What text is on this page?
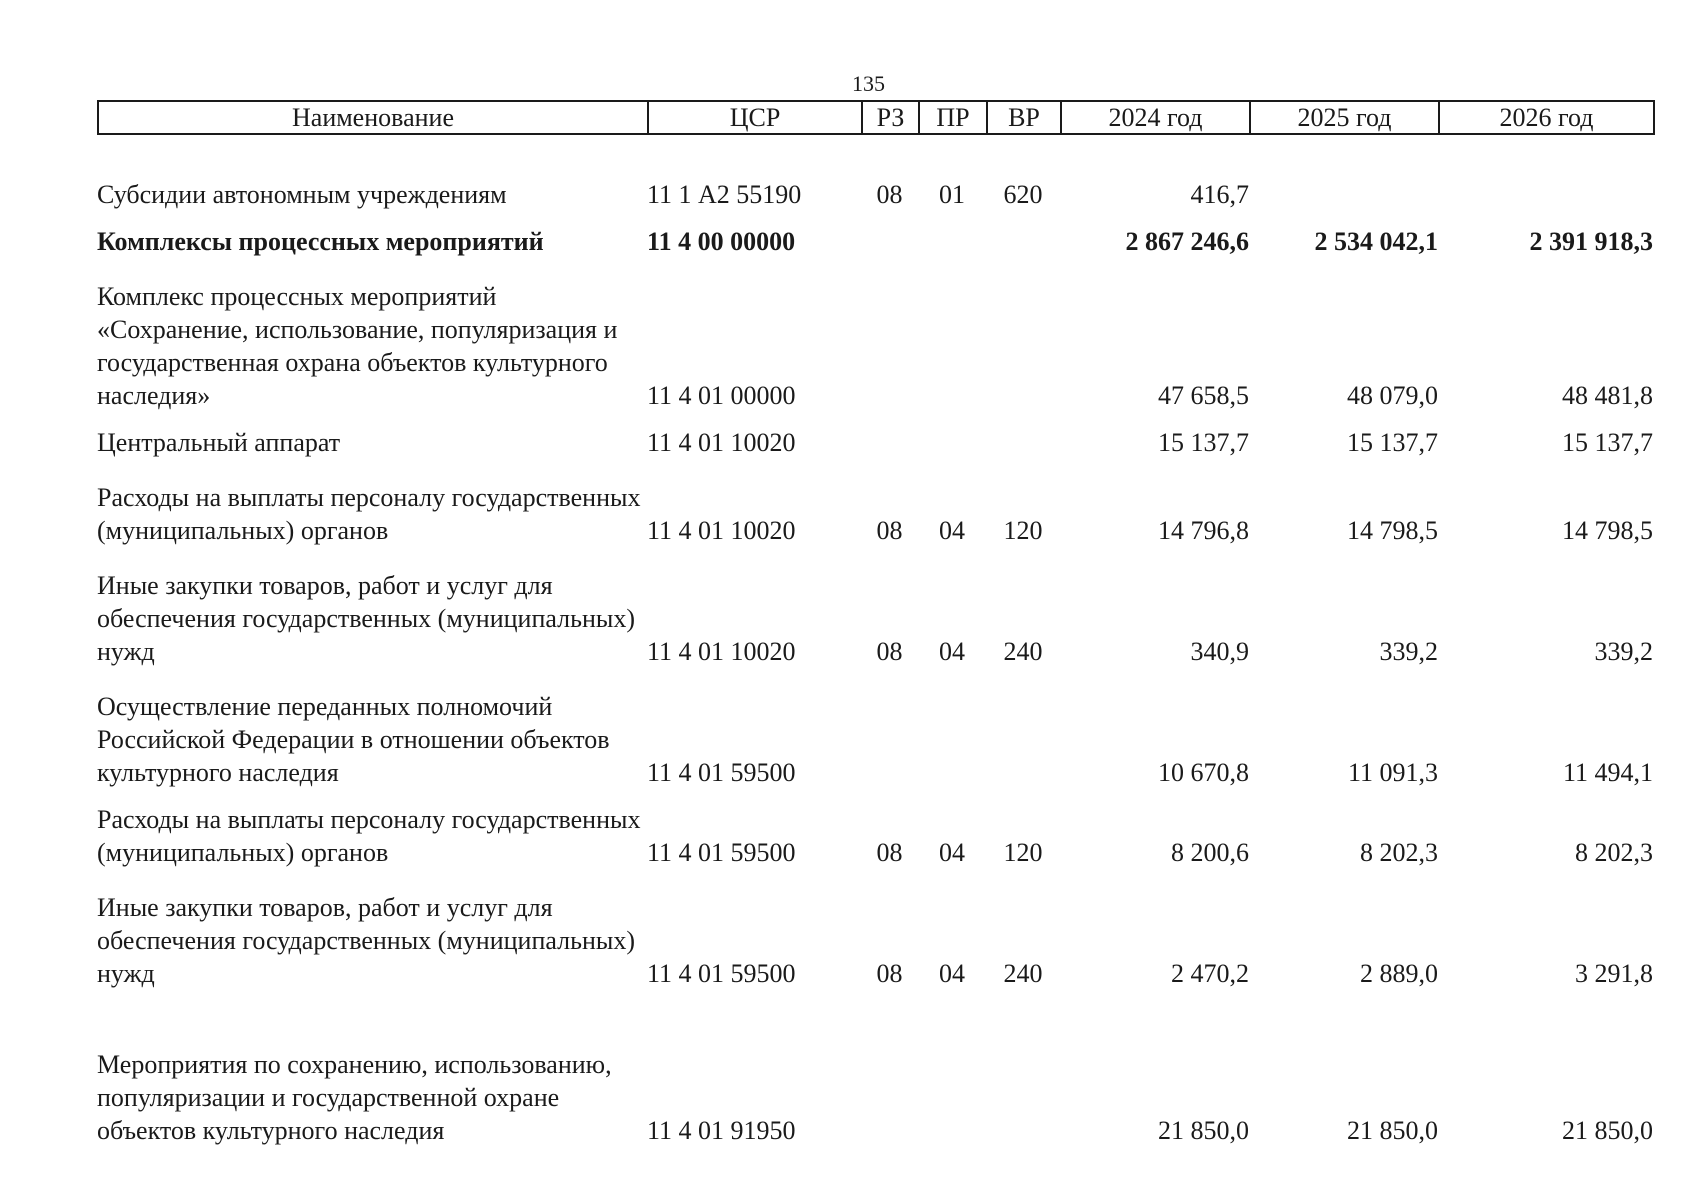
135
Наименование	ЦСР	РЗ	ПР	ВР	2024 год	2025 год	2026 год
Субсидии автономным учреждениям	11 1 А2 55190	08	01	620	416,7		
Комплексы процессных мероприятий	11 4 00 00000				2 867 246,6	2 534 042,1	2 391 918,3
Комплекс процессных мероприятий «Сохранение, использование, популяризация и государственная охрана объектов культурного наследия»	11 4 01 00000				47 658,5	48 079,0	48 481,8
Центральный аппарат	11 4 01 10020				15 137,7	15 137,7	15 137,7
Расходы на выплаты персоналу государственных (муниципальных) органов	11 4 01 10020	08	04	120	14 796,8	14 798,5	14 798,5
Иные закупки товаров, работ и услуг для обеспечения государственных (муниципальных) нужд	11 4 01 10020	08	04	240	340,9	339,2	339,2
Осуществление переданных полномочий Российской Федерации в отношении объектов культурного наследия	11 4 01 59500				10 670,8	11 091,3	11 494,1
Расходы на выплаты персоналу государственных (муниципальных) органов	11 4 01 59500	08	04	120	8 200,6	8 202,3	8 202,3
Иные закупки товаров, работ и услуг для обеспечения государственных (муниципальных) нужд	11 4 01 59500	08	04	240	2 470,2	2 889,0	3 291,8
Мероприятия по сохранению, использованию, популяризации и государственной охране объектов культурного наследия	11 4 01 91950				21 850,0	21 850,0	21 850,0
